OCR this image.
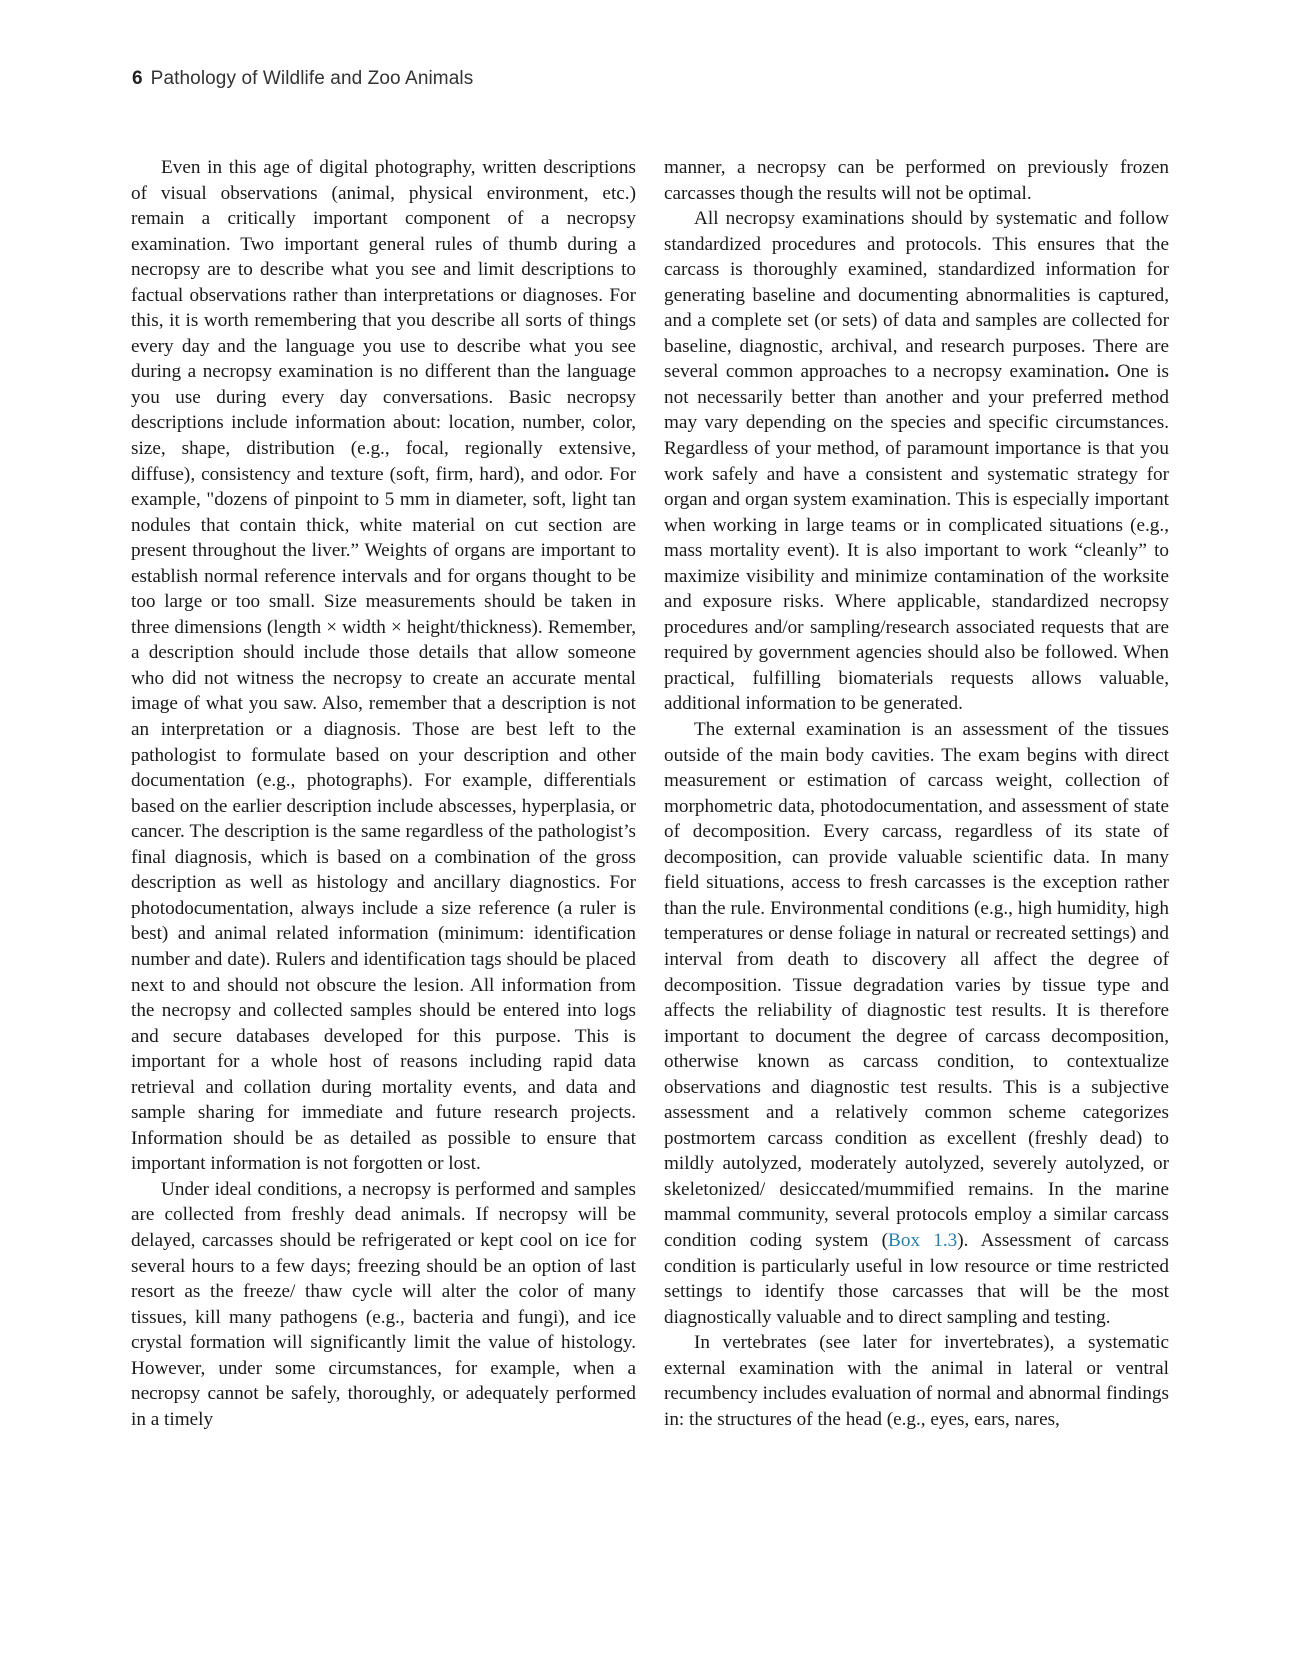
6 Pathology of Wildlife and Zoo Animals

Even in this age of digital photography, written descriptions of visual observations (animal, physical environment, etc.) remain a critically important component of a necropsy examination. Two important general rules of thumb during a necropsy are to describe what you see and limit descriptions to factual observations rather than interpretations or diagnoses. For this, it is worth remembering that you describe all sorts of things every day and the language you use to describe what you see during a necropsy examination is no different than the language you use during every day conversations. Basic necropsy descriptions include information about: location, number, color, size, shape, distribution (e.g., focal, regionally extensive, diffuse), consistency and texture (soft, firm, hard), and odor. For example, "dozens of pinpoint to 5 mm in diameter, soft, light tan nodules that contain thick, white material on cut section are present throughout the liver.” Weights of organs are important to establish normal reference intervals and for organs thought to be too large or too small. Size measurements should be taken in three dimensions (length × width × height/thickness). Remember, a description should include those details that allow someone who did not witness the necropsy to create an accurate mental image of what you saw. Also, remember that a description is not an interpretation or a diagnosis. Those are best left to the pathologist to formulate based on your description and other documentation (e.g., photographs). For example, differentials based on the earlier description include abscesses, hyperplasia, or cancer. The description is the same regardless of the pathologist’s final diagnosis, which is based on a combination of the gross description as well as histology and ancillary diagnostics. For photodocumentation, always include a size reference (a ruler is best) and animal related information (minimum: identification number and date). Rulers and identification tags should be placed next to and should not obscure the lesion. All information from the necropsy and collected samples should be entered into logs and secure databases developed for this purpose. This is important for a whole host of reasons including rapid data retrieval and collation during mortality events, and data and sample sharing for immediate and future research projects. Information should be as detailed as possible to ensure that important information is not forgotten or lost.

Under ideal conditions, a necropsy is performed and samples are collected from freshly dead animals. If necropsy will be delayed, carcasses should be refrigerated or kept cool on ice for several hours to a few days; freezing should be an option of last resort as the freeze/ thaw cycle will alter the color of many tissues, kill many pathogens (e.g., bacteria and fungi), and ice crystal formation will significantly limit the value of histology. However, under some circumstances, for example, when a necropsy cannot be safely, thoroughly, or adequately performed in a timely

manner, a necropsy can be performed on previously frozen carcasses though the results will not be optimal.

All necropsy examinations should by systematic and follow standardized procedures and protocols. This ensures that the carcass is thoroughly examined, standardized information for generating baseline and documenting abnormalities is captured, and a complete set (or sets) of data and samples are collected for baseline, diagnostic, archival, and research purposes. There are several common approaches to a necropsy examination. One is not necessarily better than another and your preferred method may vary depending on the species and specific circumstances. Regardless of your method, of paramount importance is that you work safely and have a consistent and systematic strategy for organ and organ system examination. This is especially important when working in large teams or in complicated situations (e.g., mass mortality event). It is also important to work “cleanly” to maximize visibility and minimize contamination of the worksite and exposure risks. Where applicable, standardized necropsy procedures and/or sampling/research associated requests that are required by government agencies should also be followed. When practical, fulfilling biomaterials requests allows valuable, additional information to be generated.

The external examination is an assessment of the tissues outside of the main body cavities. The exam begins with direct measurement or estimation of carcass weight, collection of morphometric data, photodocumentation, and assessment of state of decomposition. Every carcass, regardless of its state of decomposition, can provide valuable scientific data. In many field situations, access to fresh carcasses is the exception rather than the rule. Environmental conditions (e.g., high humidity, high temperatures or dense foliage in natural or recreated settings) and interval from death to discovery all affect the degree of decomposition. Tissue degradation varies by tissue type and affects the reliability of diagnostic test results. It is therefore important to document the degree of carcass decomposition, otherwise known as carcass condition, to contextualize observations and diagnostic test results. This is a subjective assessment and a relatively common scheme categorizes postmortem carcass condition as excellent (freshly dead) to mildly autolyzed, moderately autolyzed, severely autolyzed, or skeletonized/ desiccated/mummified remains. In the marine mammal community, several protocols employ a similar carcass condition coding system (Box 1.3). Assessment of carcass condition is particularly useful in low resource or time restricted settings to identify those carcasses that will be the most diagnostically valuable and to direct sampling and testing.

In vertebrates (see later for invertebrates), a systematic external examination with the animal in lateral or ventral recumbency includes evaluation of normal and abnormal findings in: the structures of the head (e.g., eyes, ears, nares,
